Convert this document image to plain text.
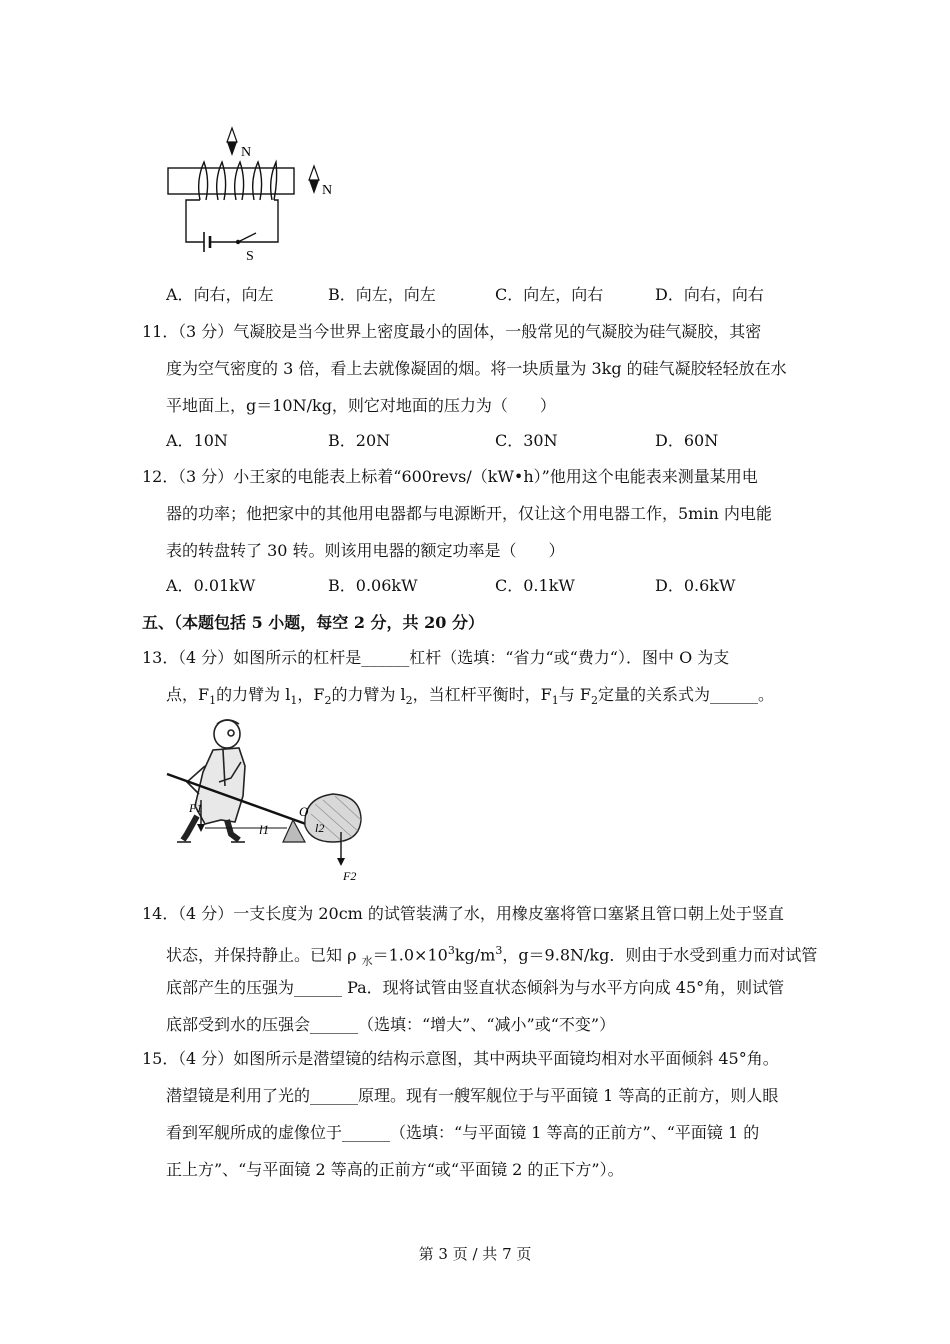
N
N
S
A．向右，向左	B．向左，向左	C．向左，向右	D．向右，向右
11．
（3 分）气凝胶是当今世界上密度最小的固体，一般常见的气凝胶为硅气凝胶，其密
度为空气密度的 3 倍，看上去就像凝固的烟。将一块质量为 3kg 的硅气凝胶轻轻放在水
平地面上，g＝10N/kg，则它对地面的压力为（　　）
A．10N	B．20N	C．30N	D．60N
12．
（3 分）小王家的电能表上标着“600revs/（kW•h）”他用这个电能表来测量某用电
器的功率；他把家中的其他用电器都与电源断开，仅让这个用电器工作，5min 内电能
表的转盘转了 30 转。则该用电器的额定功率是（　　）
A．0.01kW	B．0.06kW	C．0.1kW	D．0.6kW
五、（本题包括 5 小题，每空 2 分，共 20 分）
13．
（4 分）如图所示的杠杆是______杠杆（选填：“省力“或“费力“）．图中 O 为支
点，$F_1$的力臂为 $l_1$，$F_2$的力臂为 $l_2$，当杠杆平衡时，$F_1$与 $F_2$定量的关系式为______。
F1
l1
O
l2
F2
14．
（4 分）一支长度为 20cm 的试管装满了水，用橡皮塞将管口塞紧且管口朝上处于竖直
状态，并保持静止。已知 ρ $_水=1.0\times 10^3kg/m^3$，g＝9.8N/kg．则由于水受到重力而对试管
底部产生的压强为______ Pa．现将试管由竖直状态倾斜为与水平方向成 45°角，则试管
底部受到水的压强会______（选填：“增大”、“减小”或“不变”）
15．
（4 分）如图所示是潜望镜的结构示意图，其中两块平面镜均相对水平面倾斜 45°角。
潜望镜是利用了光的______原理。现有一艘军舰位于与平面镜 1 等高的正前方，则人眼
看到军舰所成的虚像位于______（选填：“与平面镜 1 等高的正前方”、“平面镜 1 的
正上方”、“与平面镜 2 等高的正前方“或“平面镜 2 的正下方”）。
第 3 页 / 共 7 页
